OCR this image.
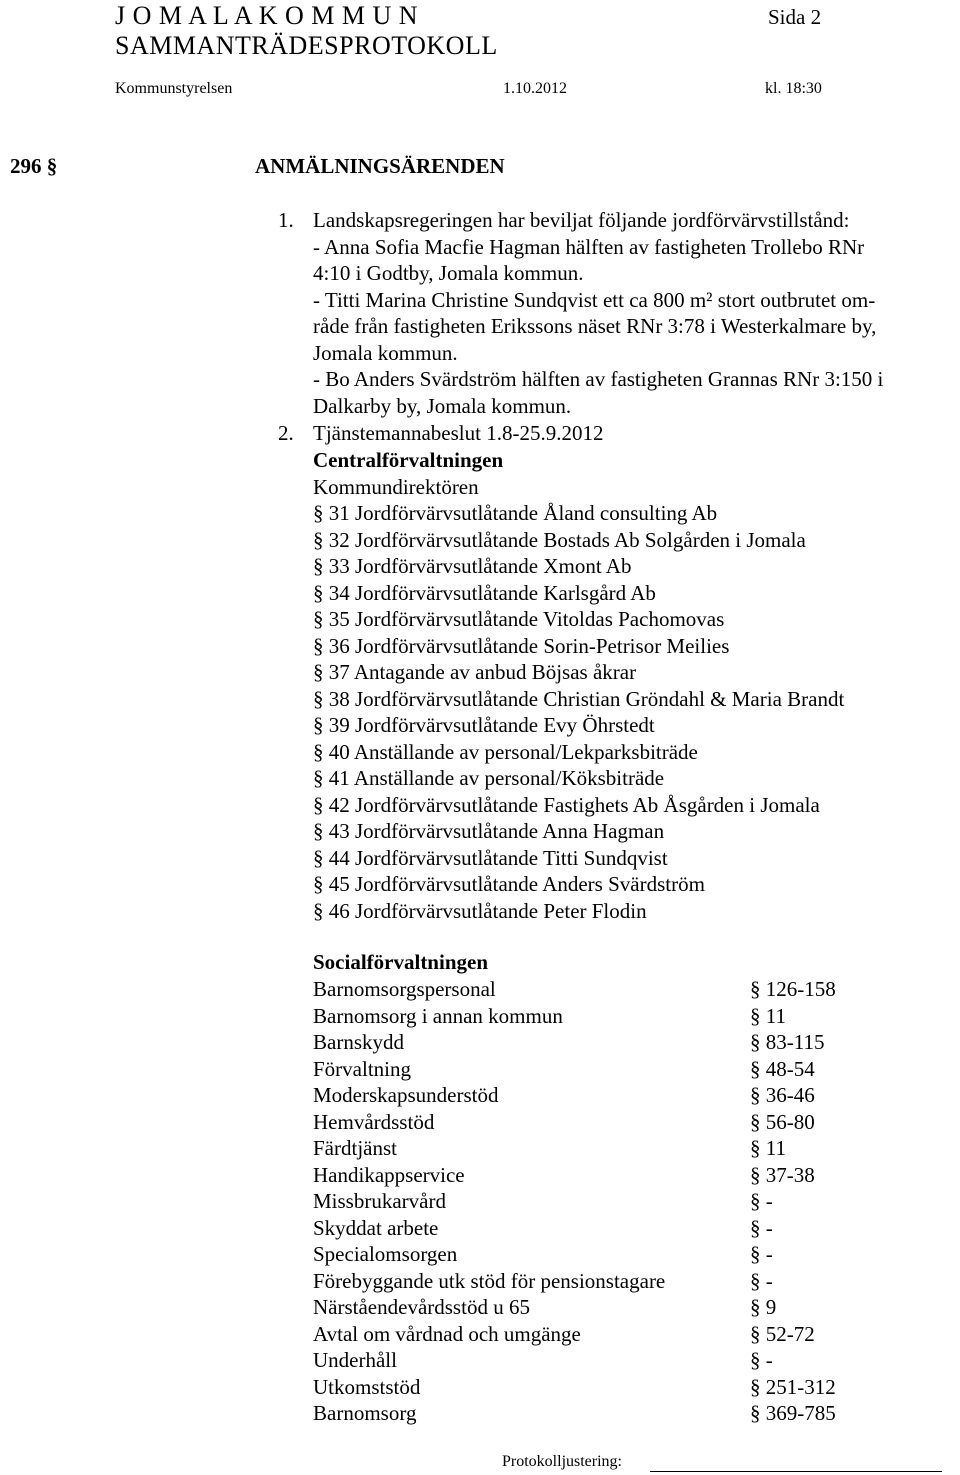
J O M A L A K O M M U N	Sida 2
SAMMANTRÄDESPROTOKOLL
Kommunstyrelsen	1.10.2012	kl. 18:30
296 §	ANMÄLNINGSÄRENDEN
1. Landskapsregeringen har beviljat följande jordförvärvstillstånd:
- Anna Sofia Macfie Hagman hälften av fastigheten Trollebo RNr
4:10 i Godtby, Jomala kommun.
- Titti Marina Christine Sundqvist ett ca 800 m² stort outbrutet om-
råde från fastigheten Erikssons näset RNr 3:78 i Westerkalmare by,
Jomala kommun.
- Bo Anders Svärdström hälften av fastigheten Grannas RNr 3:150 i
Dalkarby by, Jomala kommun.
2. Tjänstemannabeslut 1.8-25.9.2012
Centralförvaltningen
Kommundirektören
§ 31 Jordförvärvsutlåtande Åland consulting Ab
§ 32 Jordförvärvsutlåtande Bostads Ab Solgården i Jomala
§ 33 Jordförvärvsutlåtande Xmont Ab
§ 34 Jordförvärvsutlåtande Karlsgård Ab
§ 35 Jordförvärvsutlåtande Vitoldas Pachomovas
§ 36 Jordförvärvsutlåtande Sorin-Petrisor Meilies
§ 37 Antagande av anbud Böjsas åkrar
§ 38 Jordförvärvsutlåtande Christian Gröndahl & Maria Brandt
§ 39 Jordförvärvsutlåtande Evy Öhrstedt
§ 40 Anställande av personal/Lekparksbiträde
§ 41 Anställande av personal/Köksbiträde
§ 42 Jordförvärvsutlåtande Fastighets Ab Åsgården i Jomala
§ 43 Jordförvärvsutlåtande Anna Hagman
§ 44 Jordförvärvsutlåtande Titti Sundqvist
§ 45 Jordförvärvsutlåtande Anders Svärdström
§ 46 Jordförvärvsutlåtande Peter Flodin
Socialförvaltningen
Barnomsorgspersonal	§ 126-158
Barnomsorg i annan kommun	§ 11
Barnskydd	§ 83-115
Förvaltning	§ 48-54
Moderskapsunderstöd	§ 36-46
Hemvårdsstöd	§ 56-80
Färdtjänst	§ 11
Handikappservice	§ 37-38
Missbrukarvård	§ -
Skyddat arbete	§ -
Specialomsorgen	§ -
Förebyggande utk stöd för pensionstagare	§ -
Närståendevårdsstöd u 65	§ 9
Avtal om vårdnad och umgänge	§ 52-72
Underhåll	§ -
Utkomststöd	§ 251-312
Barnomsorg	§ 369-785
Protokolljustering:
